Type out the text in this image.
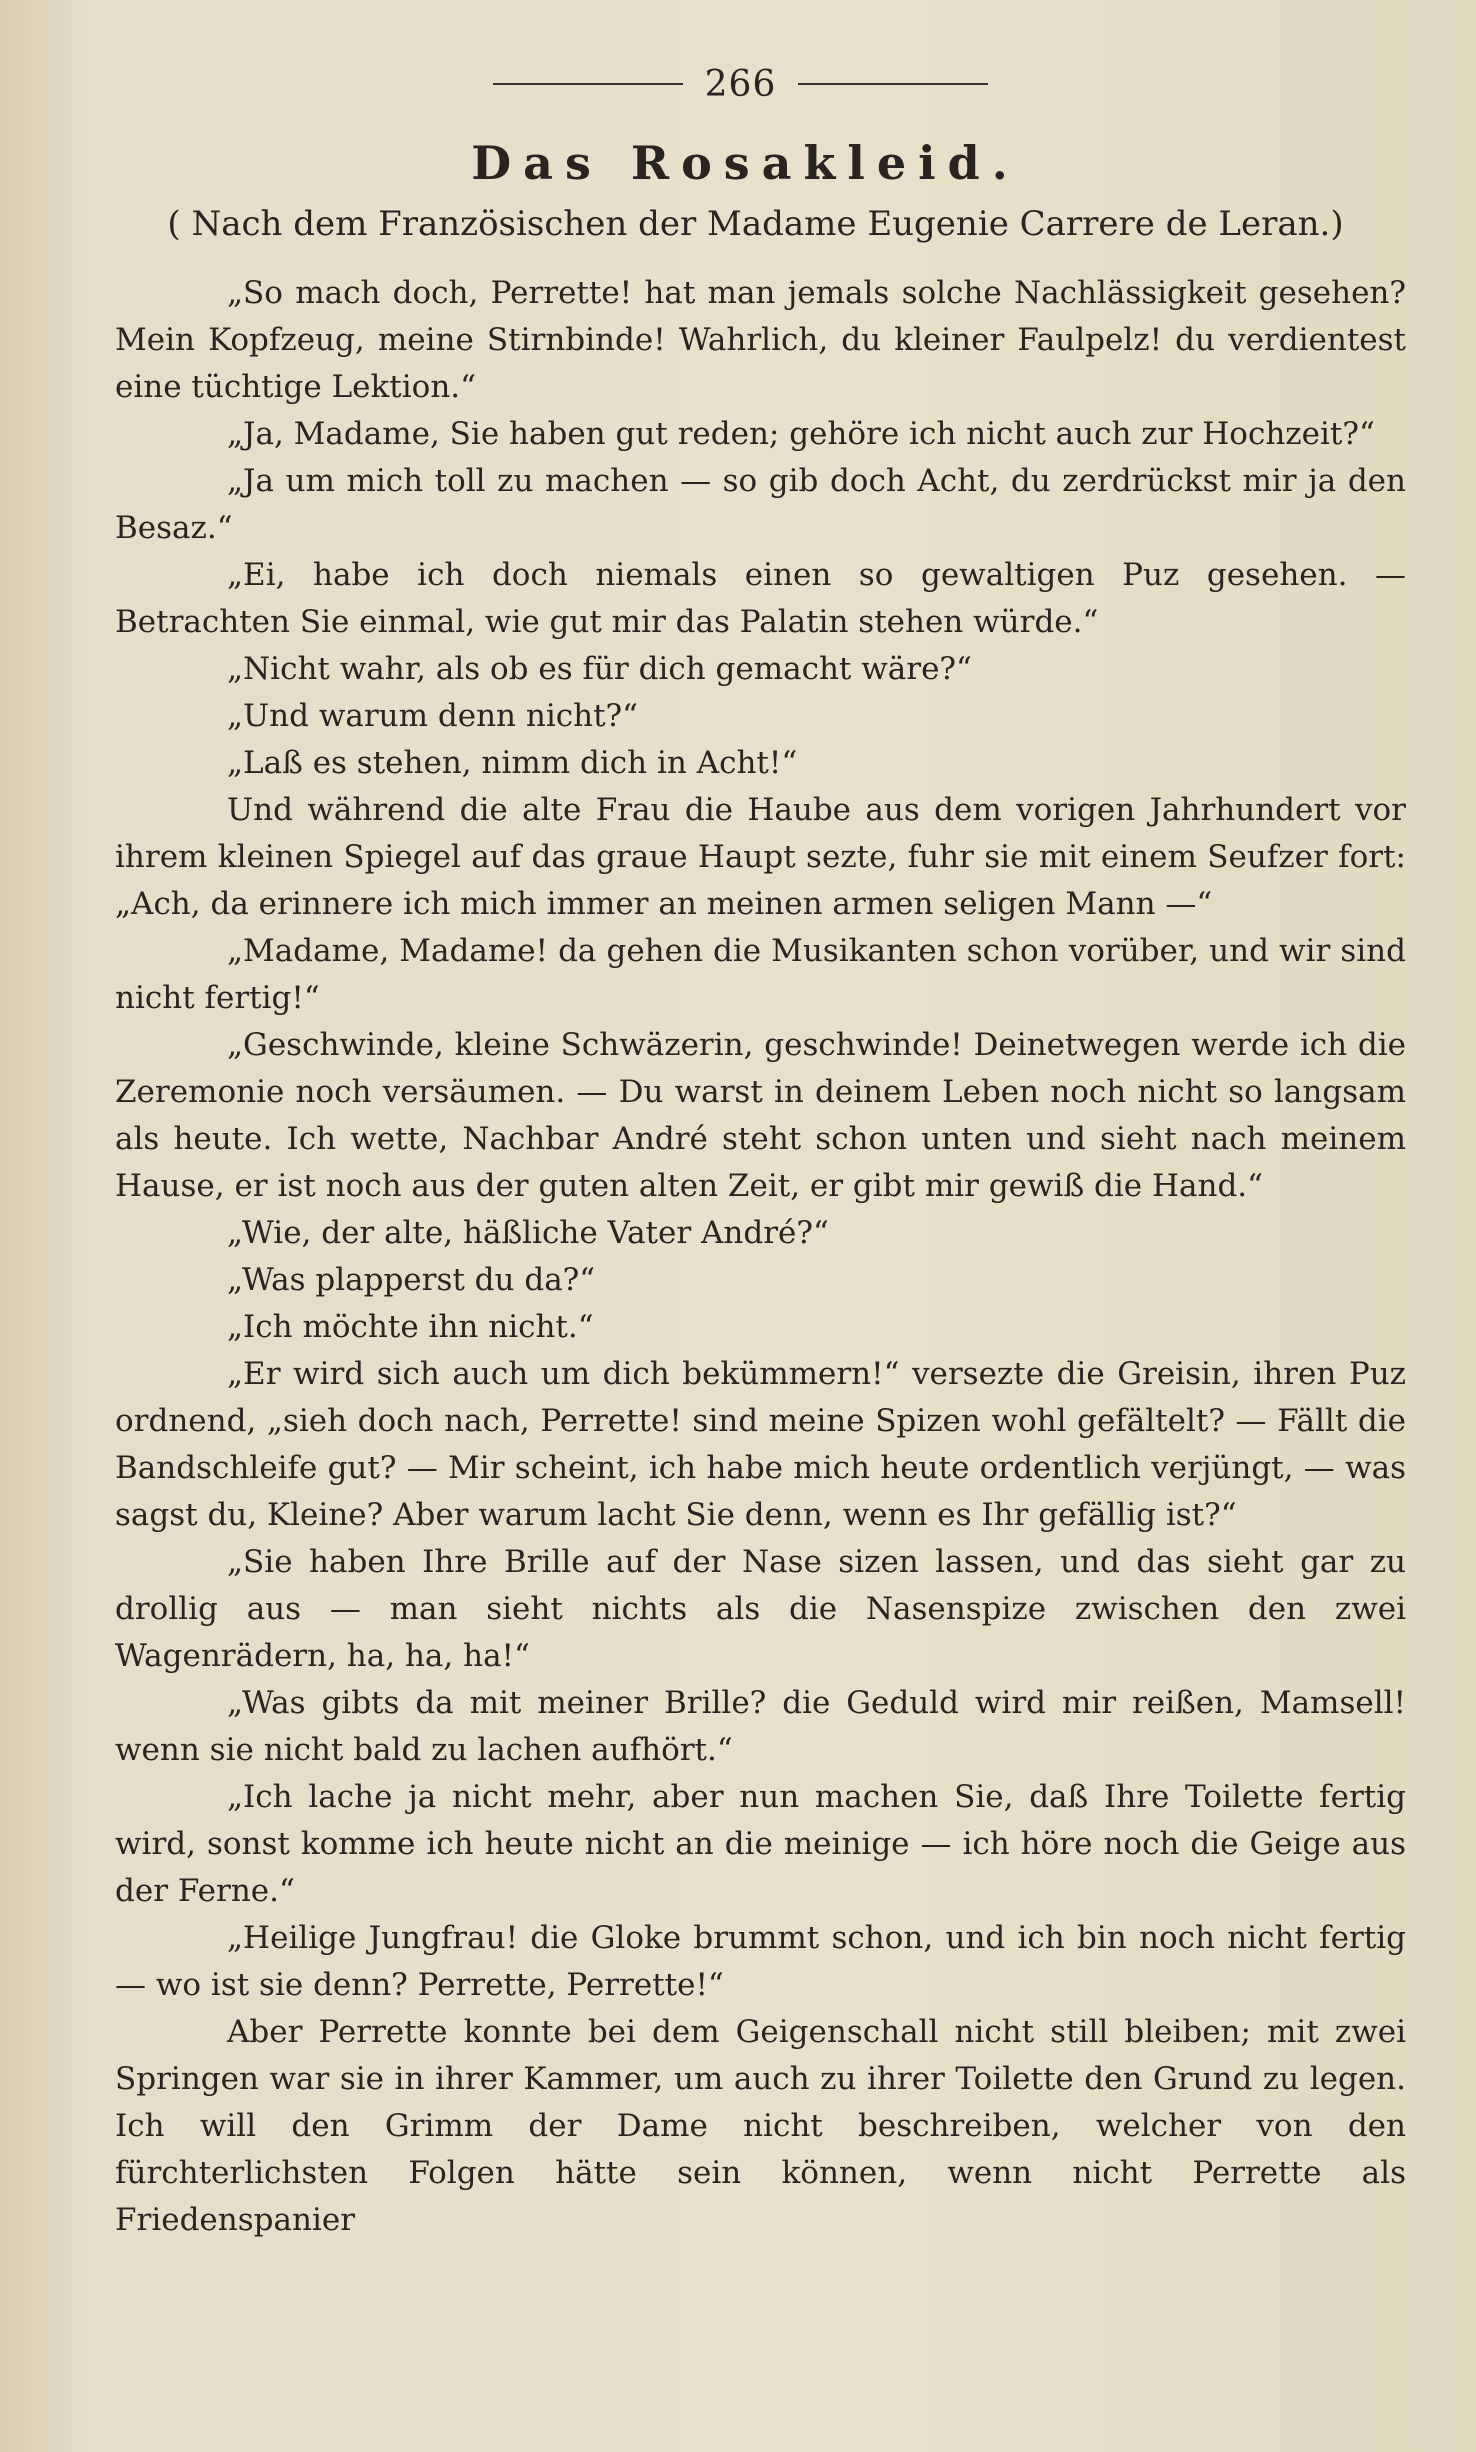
266
Das Rosakleid.
( Nach dem Französischen der Madame Eugenie Carrere de Leran.)

„So mach doch, Perrette! hat man jemals solche Nachlässigkeit gesehen? Mein Kopfzeug, meine Stirnbinde! Wahrlich, du kleiner Faulpelz! du verdientest eine tüchtige Lektion.“

„Ja, Madame, Sie haben gut reden; gehöre ich nicht auch zur Hochzeit?“

„Ja um mich toll zu machen — so gib doch Acht, du zerdrückst mir ja den Besaz.“

„Ei, habe ich doch niemals einen so gewaltigen Puz gesehen. — Betrachten Sie einmal, wie gut mir das Palatin stehen würde.“

„Nicht wahr, als ob es für dich gemacht wäre?“

„Und warum denn nicht?“

„Laß es stehen, nimm dich in Acht!“

Und während die alte Frau die Haube aus dem vorigen Jahrhundert vor ihrem kleinen Spiegel auf das graue Haupt sezte, fuhr sie mit einem Seufzer fort: „Ach, da erinnere ich mich immer an meinen armen seligen Mann —“

„Madame, Madame! da gehen die Musikanten schon vorüber, und wir sind nicht fertig!“

„Geschwinde, kleine Schwäzerin, geschwinde! Deinetwegen werde ich die Zeremonie noch versäumen. — Du warst in deinem Leben noch nicht so langsam als heute. Ich wette, Nachbar André steht schon unten und sieht nach meinem Hause, er ist noch aus der guten alten Zeit, er gibt mir gewiß die Hand.“

„Wie, der alte, häßliche Vater André?“

„Was plapperst du da?“

„Ich möchte ihn nicht.“

„Er wird sich auch um dich bekümmern!“ versezte die Greisin, ihren Puz ordnend, „sieh doch nach, Perrette! sind meine Spizen wohl gefältelt? — Fällt die Bandschleife gut? — Mir scheint, ich habe mich heute ordentlich verjüngt, — was sagst du, Kleine? Aber warum lacht Sie denn, wenn es Ihr gefällig ist?“

„Sie haben Ihre Brille auf der Nase sizen lassen, und das sieht gar zu drollig aus — man sieht nichts als die Nasenspize zwischen den zwei Wagenrädern, ha, ha, ha!“

„Was gibts da mit meiner Brille? die Geduld wird mir reißen, Mamsell! wenn sie nicht bald zu lachen aufhört.“

„Ich lache ja nicht mehr, aber nun machen Sie, daß Ihre Toilette fertig wird, sonst komme ich heute nicht an die meinige — ich höre noch die Geige aus der Ferne.“

„Heilige Jungfrau! die Gloke brummt schon, und ich bin noch nicht fertig — wo ist sie denn? Perrette, Perrette!“

Aber Perrette konnte bei dem Geigenschall nicht still bleiben; mit zwei Springen war sie in ihrer Kammer, um auch zu ihrer Toilette den Grund zu legen. Ich will den Grimm der Dame nicht beschreiben, welcher von den fürchterlichsten Folgen hätte sein können, wenn nicht Perrette als Friedenspanier
